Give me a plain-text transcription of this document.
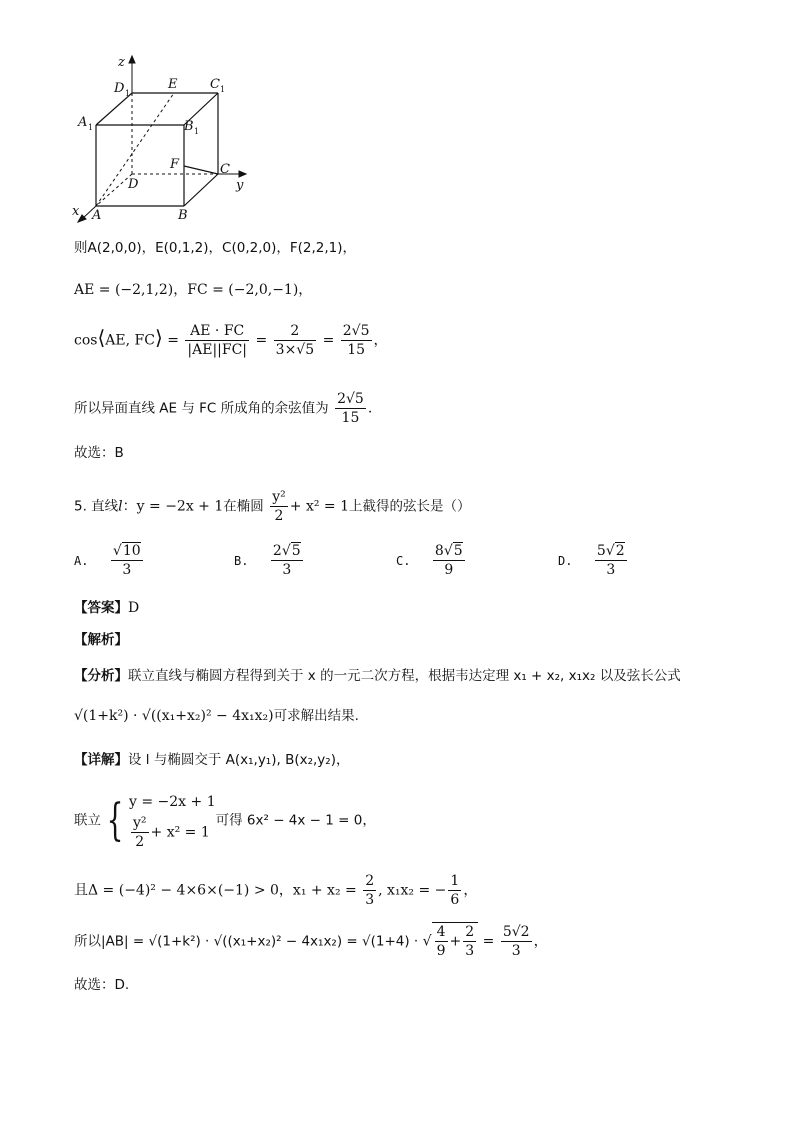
z
D 1
E	C 1
A 1	B 1
F	C
y
D
x A	B
则A(2,0,0)，E(0,1,2)，C(0,2,0)，F(2,2,1)，
AE = (−2,1,2)，FC = (−2,0,−1)，
cos⟨AE, FC⟩ = $\frac{AE \cdot FC}{|AE||FC|} = \frac{2}{3\times√5} = \frac{2√5}{15}$ ，
所以异面直线 AE 与 FC 所成角的余弦值为 $\frac{2√5}{15}$ .
故选：B
5. 直线l：y = −2x + 1在椭圆 $\frac{\text{y²}}{2} + x^2 = 1$上截得的弦长是（）
A. $\frac{√10}{3}$	B. $\frac{2√5}{3}$	C. $\frac{8√5}{9}$	D. $\frac{5√2}{3}$
【答案】D
【解析】
【分析】联立直线与椭圆方程得到关于 x 的一元二次方程，根据韦达定理 x₁ + x₂, x₁x₂ 以及弦长公式
√(1+k²) · √((x₁+x₂)² − 4x₁x₂)可求解出结果.
【详解】设 l 与椭圆交于 A(x₁,y₁), B(x₂,y₂)，
联立 { y = −2x + 1
$\frac{\text{y²}}{2} + x^2 = 1$
可得 6x² − 4x − 1 = 0，
且Δ = (−4)² − 4×6×(−1) > 0，$x_1 + x_2 = \frac{2}{3}$ , x₁x₂ = − $\frac{1}{6}$ ，
所以|AB| = √(1+k²) · √((x₁+x₂)² − 4x₁x₂) = √(1+4) · √ $\frac{4}{9} + \frac{2}{3} = \frac{5√2}{3}$ ，
故选：D.
